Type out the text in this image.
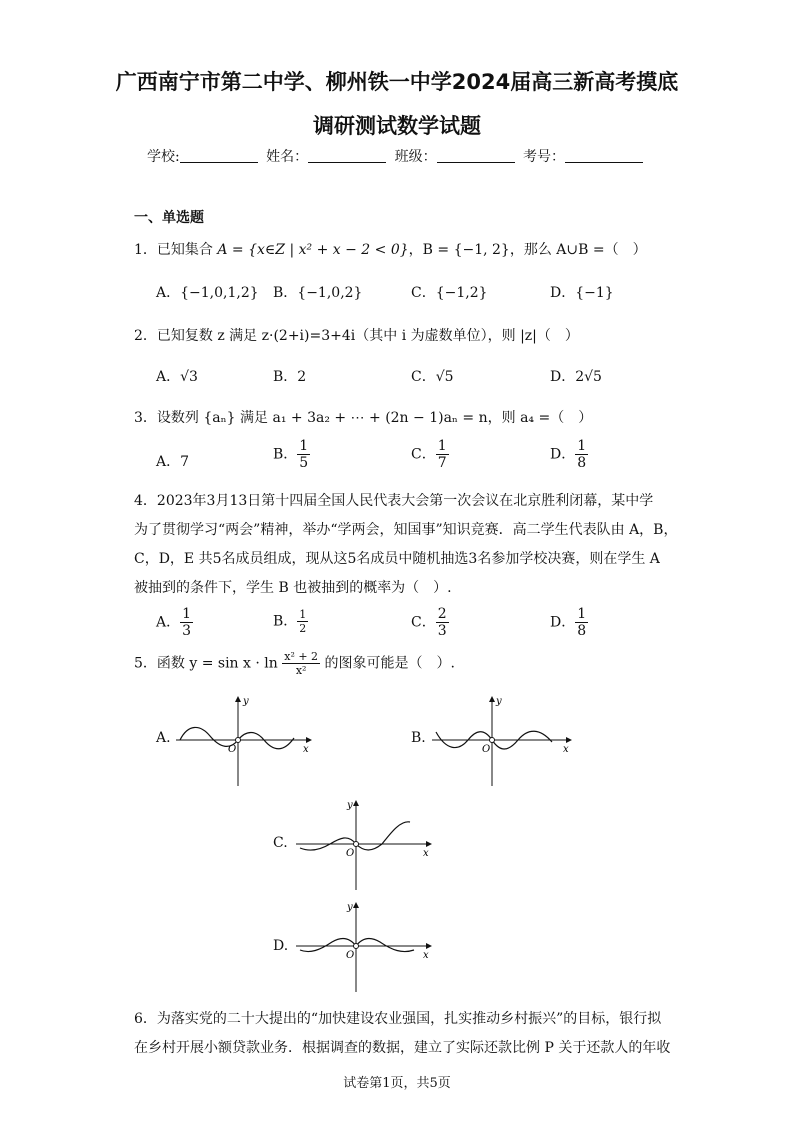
广西南宁市第二中学、柳州铁一中学2024届高三新高考摸底
调研测试数学试题
学校:	姓名：	班级：	考号：
一、单选题
1．已知集合 A = {x∈Z | x² + x − 2 < 0}，B = {−1, 2}，那么 A∪B =（　）
A．{−1,0,1,2} B．{−1,0,2}	C．{−1,2}	D．{−1}
2．已知复数 z 满足 z·(2+i)=3+4i（其中 i 为虚数单位），则 |z|（　）
A．√3	B．2	C．√5	D．2√5
3．设数列 {aₙ} 满足 a₁ + 3a₂ + ⋯ + (2n − 1)aₙ = n，则 a₄ =（　）
A．7	B． $\frac{1}{5}$	C． $\frac{1}{7}$	D． $\frac{1}{8}$
4．2023年3月13日第十四届全国人民代表大会第一次会议在北京胜利闭幕，某中学
为了贯彻学习“两会”精神，举办“学两会，知国事”知识竞赛．高二学生代表队由 A，B，
C，D，E 共5名成员组成，现从这5名成员中随机抽选3名参加学校决赛，则在学生 A
被抽到的条件下，学生 B 也被抽到的概率为（　）.
A． $\frac{1}{3}$	B． $\frac{1}{2}$	C． $\frac{2}{3}$	D． $\frac{1}{8}$
5．函数 $y = \sin x \cdot \ln \frac{\text{x² + 2}}{\text{x²}}$ 的图象可能是（　）.
A.
y
x
O
B.
y
x
O
C.
y
x
O
D.
y
x
O
6．为落实党的二十大提出的“加快建设农业强国，扎实推动乡村振兴”的目标，银行拟
在乡村开展小额贷款业务．根据调查的数据，建立了实际还款比例 P 关于还款人的年收
试卷第1页，共5页
